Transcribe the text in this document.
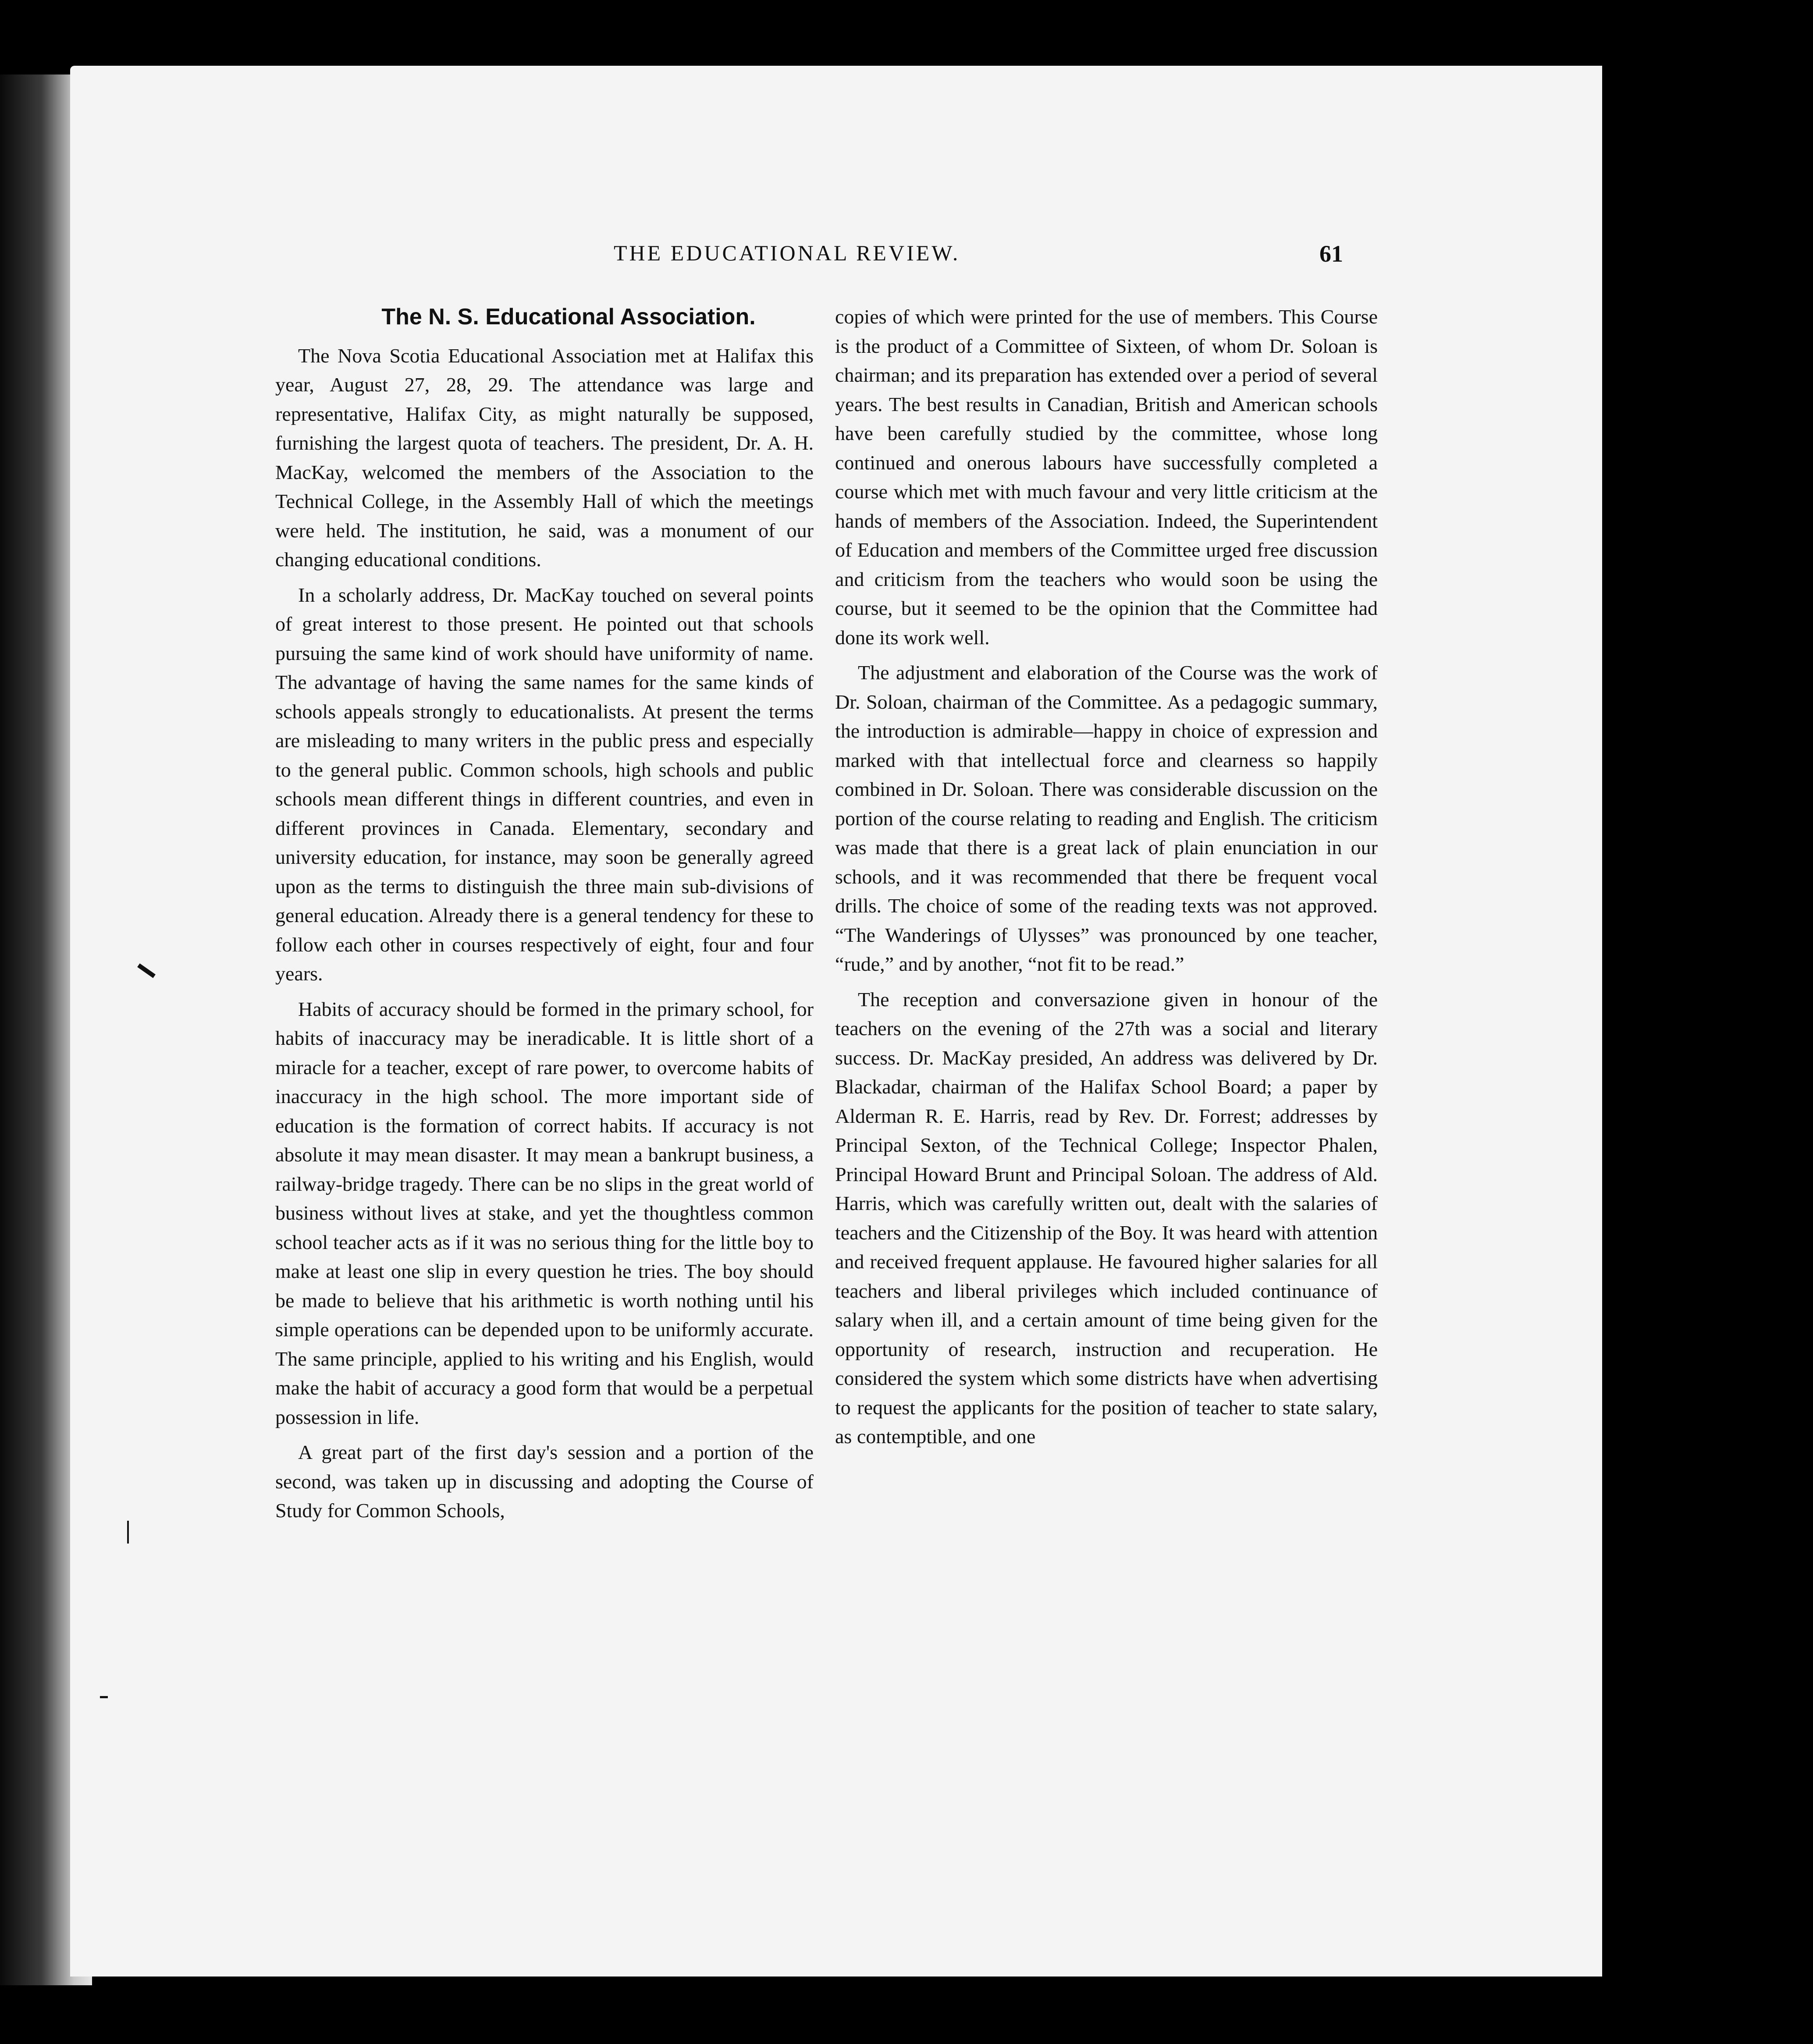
THE EDUCATIONAL REVIEW.	61
The N. S. Educational Association.

The Nova Scotia Educational Association met at Halifax this year, August 27, 28, 29. The attendance was large and representative, Halifax City, as might naturally be supposed, furnishing the largest quota of teachers. The president, Dr. A. H. MacKay, welcomed the members of the Association to the Technical College, in the Assembly Hall of which the meetings were held. The institution, he said, was a monument of our changing educational conditions.

In a scholarly address, Dr. MacKay touched on several points of great interest to those present. He pointed out that schools pursuing the same kind of work should have uniformity of name. The advantage of having the same names for the same kinds of schools appeals strongly to educationalists. At present the terms are misleading to many writers in the public press and especially to the general public. Common schools, high schools and public schools mean different things in different countries, and even in different provinces in Canada. Elementary, secondary and university education, for instance, may soon be generally agreed upon as the terms to distinguish the three main sub-divisions of general education. Already there is a general tendency for these to follow each other in courses respectively of eight, four and four years.

Habits of accuracy should be formed in the primary school, for habits of inaccuracy may be ineradicable. It is little short of a miracle for a teacher, except of rare power, to overcome habits of inaccuracy in the high school. The more important side of education is the formation of correct habits. If accuracy is not absolute it may mean disaster. It may mean a bankrupt business, a railway-bridge tragedy. There can be no slips in the great world of business without lives at stake, and yet the thoughtless common school teacher acts as if it was no serious thing for the little boy to make at least one slip in every question he tries. The boy should be made to believe that his arithmetic is worth nothing until his simple operations can be depended upon to be uniformly accurate. The same principle, applied to his writing and his English, would make the habit of accuracy a good form that would be a perpetual possession in life.

A great part of the first day's session and a portion of the second, was taken up in discussing and adopting the Course of Study for Common Schools,

copies of which were printed for the use of members. This Course is the product of a Committee of Sixteen, of whom Dr. Soloan is chairman; and its preparation has extended over a period of several years. The best results in Canadian, British and American schools have been carefully studied by the committee, whose long continued and onerous labours have successfully completed a course which met with much favour and very little criticism at the hands of members of the Association. Indeed, the Superintendent of Education and members of the Committee urged free discussion and criticism from the teachers who would soon be using the course, but it seemed to be the opinion that the Committee had done its work well.

The adjustment and elaboration of the Course was the work of Dr. Soloan, chairman of the Committee. As a pedagogic summary, the introduction is admirable—happy in choice of expression and marked with that intellectual force and clearness so happily combined in Dr. Soloan. There was considerable discussion on the portion of the course relating to reading and English. The criticism was made that there is a great lack of plain enunciation in our schools, and it was recommended that there be frequent vocal drills. The choice of some of the reading texts was not approved. “The Wanderings of Ulysses” was pronounced by one teacher, “rude,” and by another, “not fit to be read.”

The reception and conversazione given in honour of the teachers on the evening of the 27th was a social and literary success. Dr. MacKay presided, An address was delivered by Dr. Blackadar, chairman of the Halifax School Board; a paper by Alderman R. E. Harris, read by Rev. Dr. Forrest; addresses by Principal Sexton, of the Technical College; Inspector Phalen, Principal Howard Brunt and Principal Soloan. The address of Ald. Harris, which was carefully written out, dealt with the salaries of teachers and the Citizenship of the Boy. It was heard with attention and received frequent applause. He favoured higher salaries for all teachers and liberal privileges which included continuance of salary when ill, and a certain amount of time being given for the opportunity of research, instruction and recuperation. He considered the system which some districts have when advertising to request the applicants for the position of teacher to state salary, as contemptible, and one
